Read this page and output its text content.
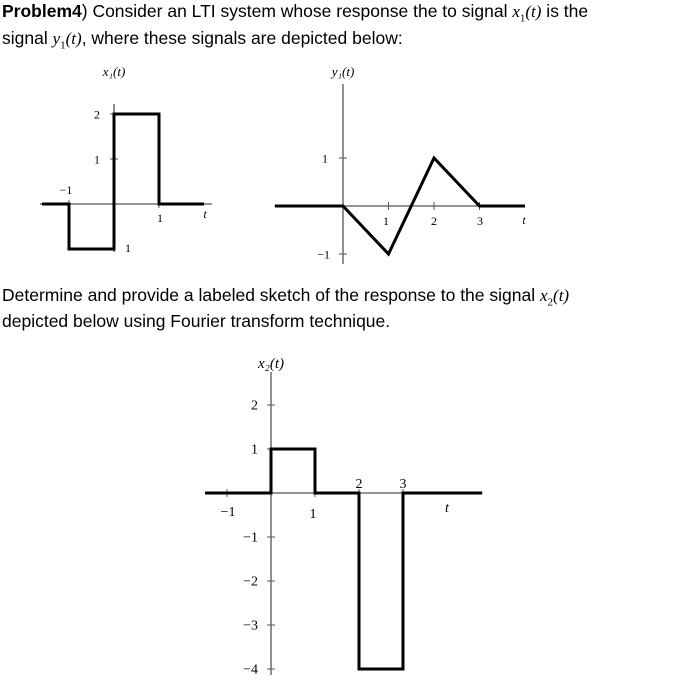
Problem4) Consider an LTI system whose response the to signal $x_1(t)$ is the
signal $y_1(t)$, where these signals are depicted below:
Determine and provide a labeled sketch of the response to the signal $x_2(t)$
depicted below using Fourier transform technique.
x₁(t)
t
−1
1
2
1
1
y₁(t)
t
1	2	3
1
−1
x₂(t)
t
−1	1
2	3
2
1
−1
−2
−3
−4
